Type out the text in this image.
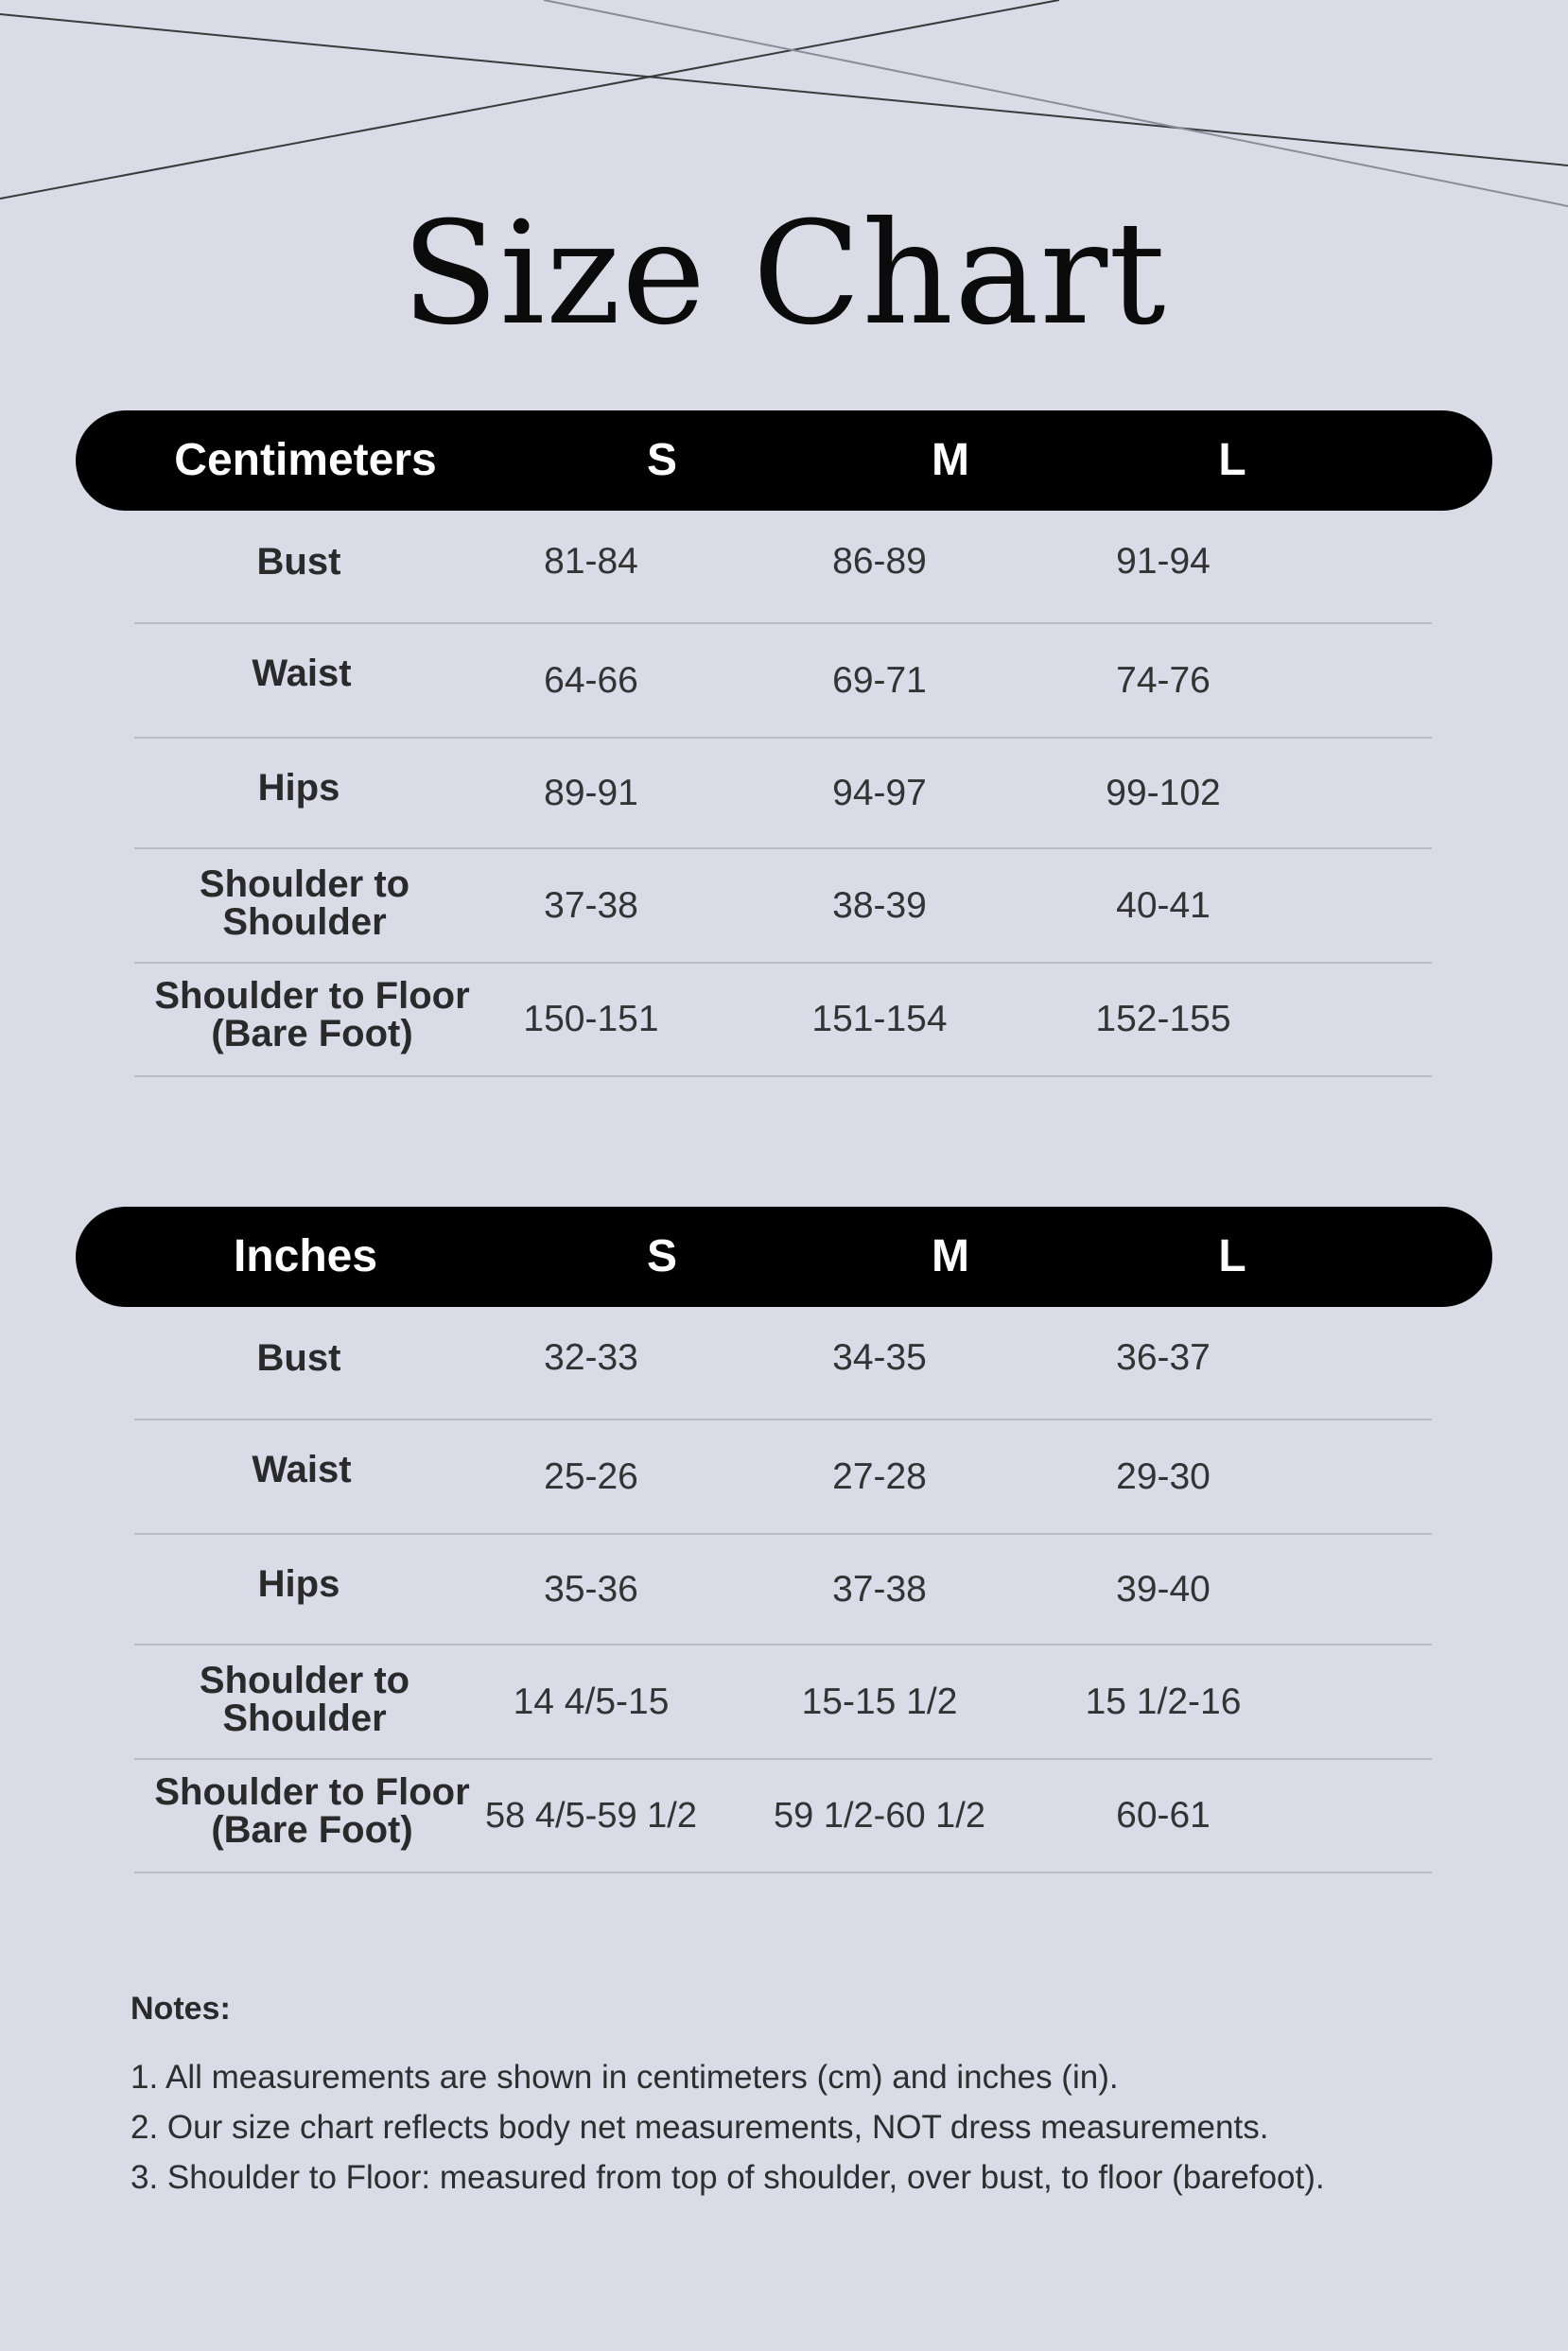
Size Chart
Centimeters	S	M	L
Bust	81-84	86-89	91-94
Waist	64-66	69-71	74-76
Hips	89-91	94-97	99-102
Shoulder to Shoulder	37-38	38-39	40-41
Shoulder to Floor (Bare Foot)	150-151	151-154	152-155
Inches	S	M	L
Bust	32-33	34-35	36-37
Waist	25-26	27-28	29-30
Hips	35-36	37-38	39-40
Shoulder to Shoulder	14 4/5-15	15-15 1/2	15 1/2-16
Shoulder to Floor (Bare Foot)	58 4/5-59 1/2	59 1/2-60 1/2	60-61
Notes:
1. All measurements are shown in centimeters (cm) and inches (in).
2. Our size chart reflects body net measurements, NOT dress measurements.
3. Shoulder to Floor: measured from top of shoulder, over bust, to floor (barefoot).
